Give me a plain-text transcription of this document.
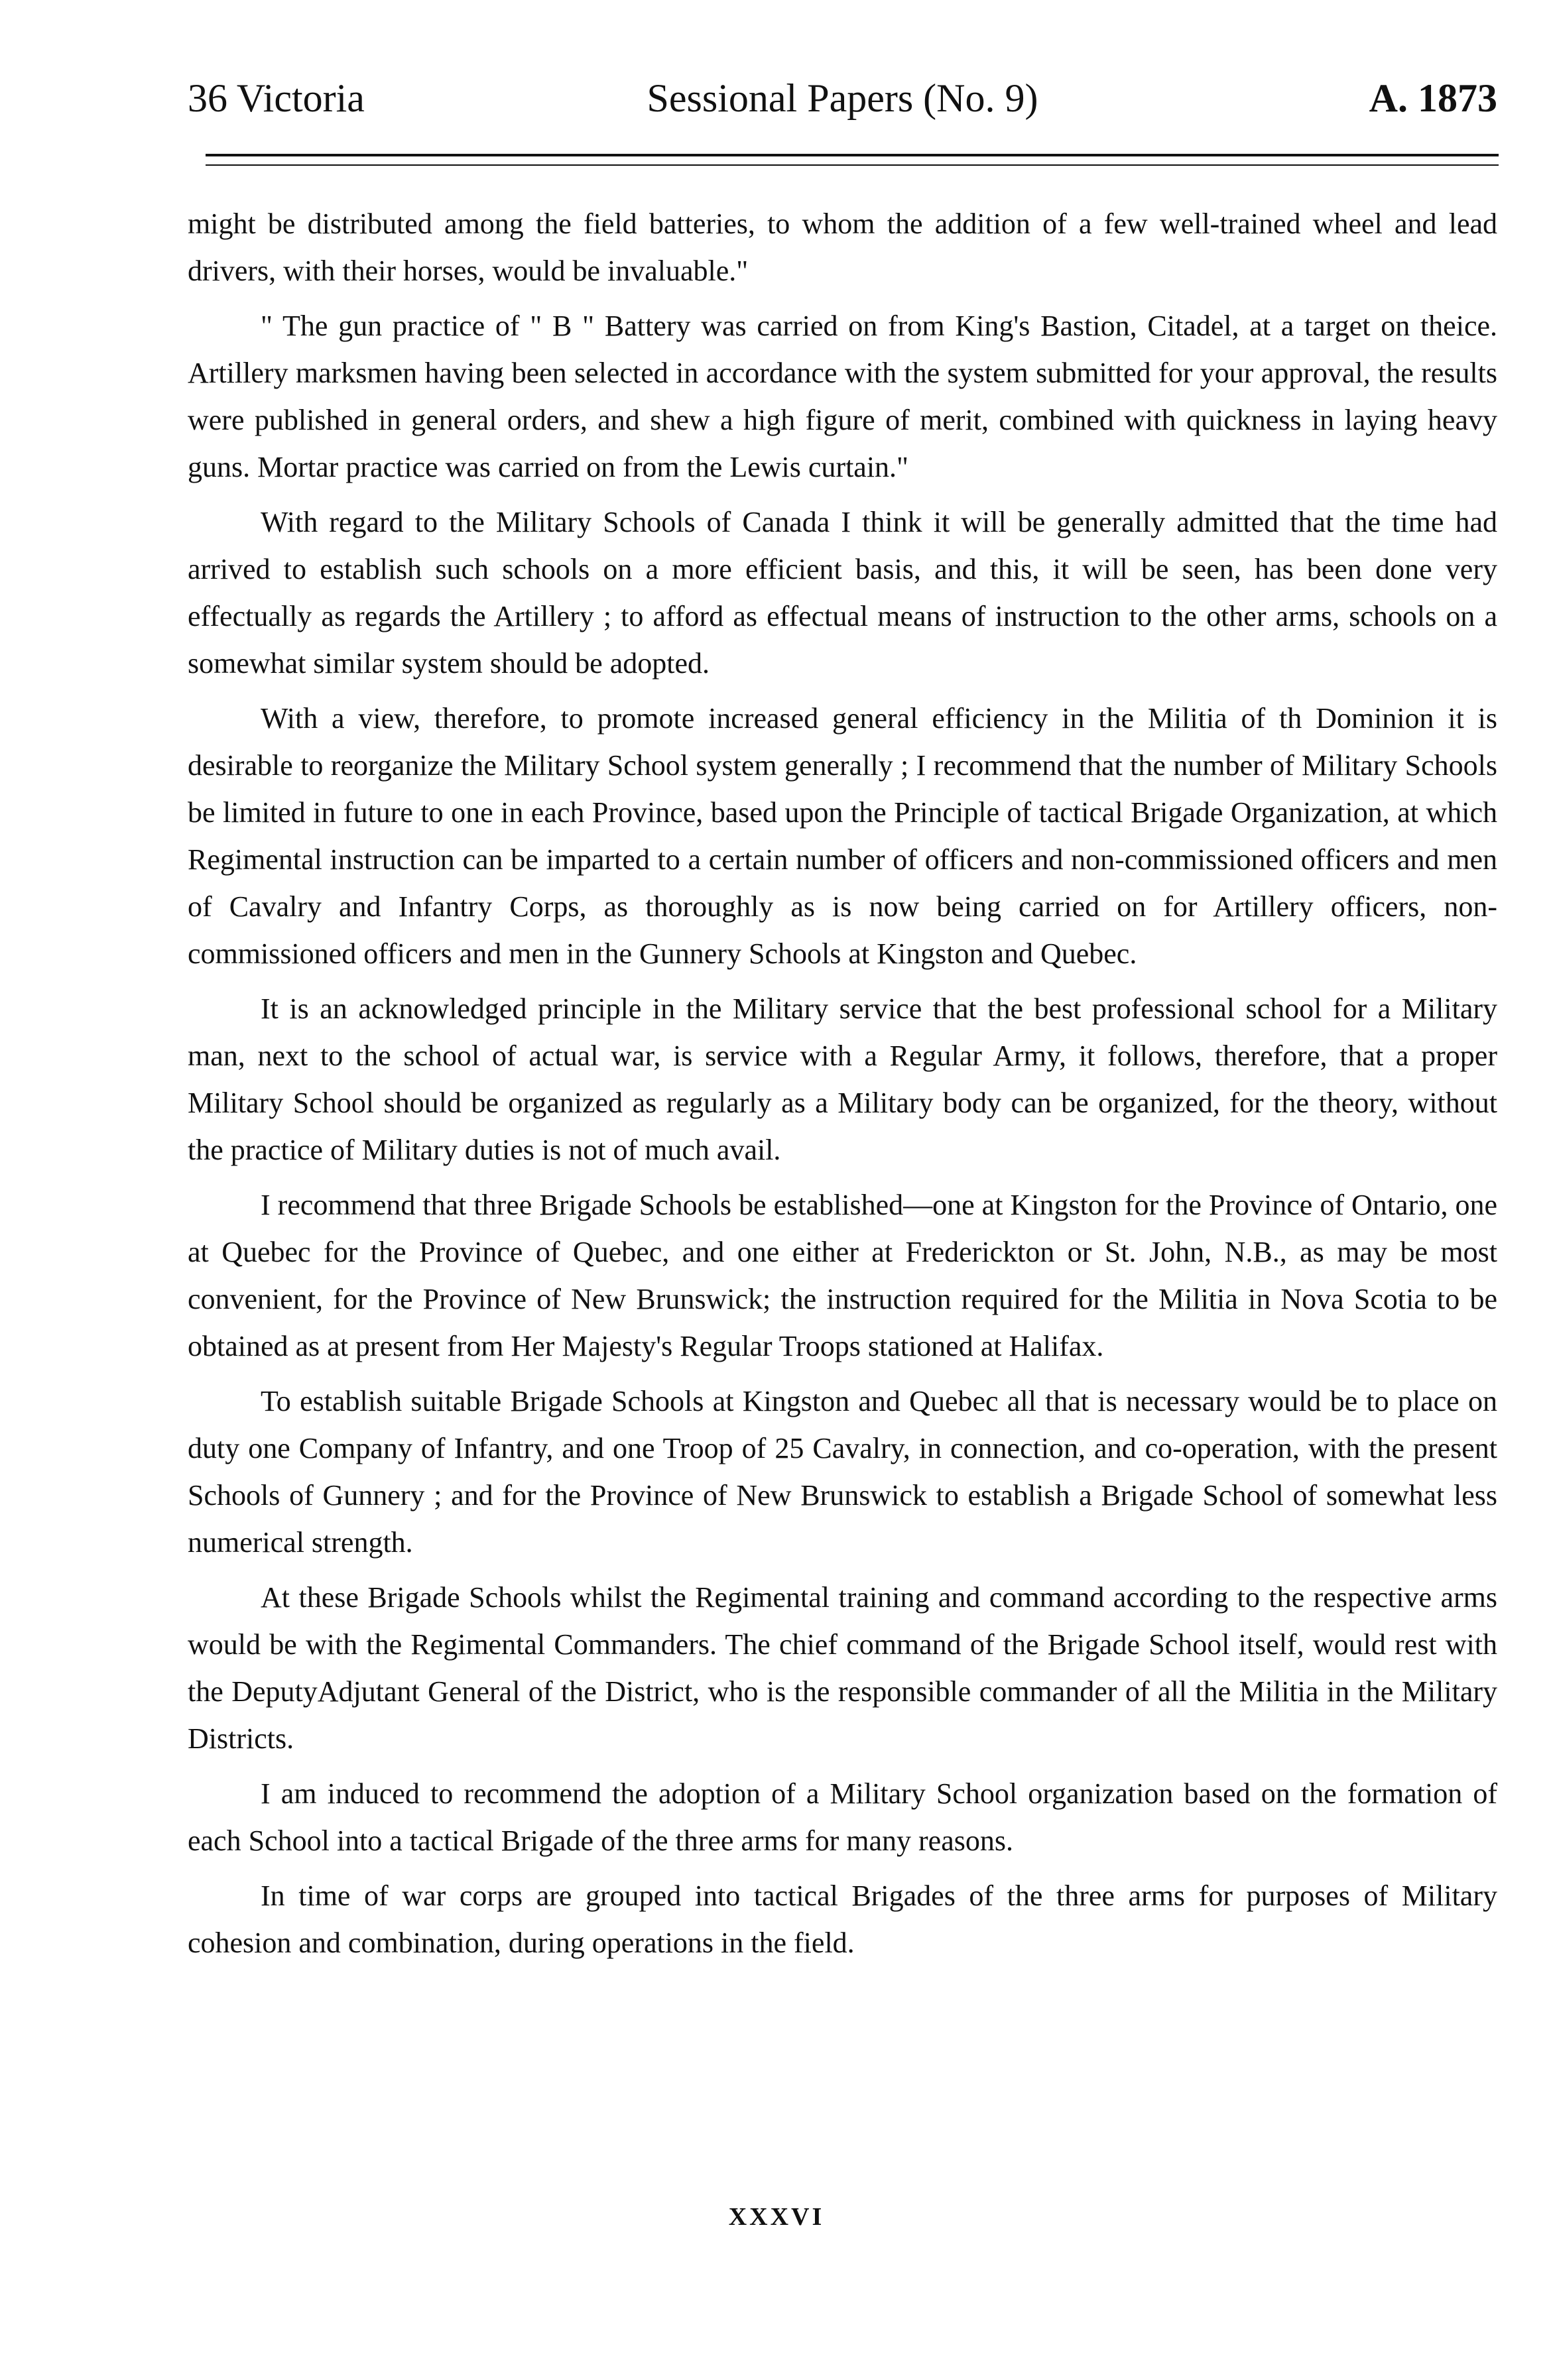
36 Victoria	Sessional Papers (No. 9)	A. 1873

might be distributed among the field batteries, to whom the addition of a few well-trained wheel and lead drivers, with their horses, would be invaluable."

" The gun practice of " B " Battery was carried on from King's Bastion, Citadel, at a target on theice. Artillery marksmen having been selected in accordance with the system submitted for your approval, the results were published in general orders, and shew a high figure of merit, combined with quickness in laying heavy guns. Mortar practice was carried on from the Lewis curtain."

With regard to the Military Schools of Canada I think it will be generally admitted that the time had arrived to establish such schools on a more efficient basis, and this, it will be seen, has been done very effectually as regards the Artillery ; to afford as effectual means of instruction to the other arms, schools on a somewhat similar system should be adopted.

With a view, therefore, to promote increased general efficiency in the Militia of th Dominion it is desirable to reorganize the Military School system generally ; I recommend that the number of Military Schools be limited in future to one in each Province, based upon the Principle of tactical Brigade Organization, at which Regimental instruction can be imparted to a certain number of officers and non-commissioned officers and men of Cavalry and Infantry Corps, as thoroughly as is now being carried on for Artillery officers, non-commissioned officers and men in the Gunnery Schools at Kingston and Quebec.

It is an acknowledged principle in the Military service that the best professional school for a Military man, next to the school of actual war, is service with a Regular Army, it follows, therefore, that a proper Military School should be organized as regularly as a Military body can be organized, for the theory, without the practice of Military duties is not of much avail.

I recommend that three Brigade Schools be established—one at Kingston for the Province of Ontario, one at Quebec for the Province of Quebec, and one either at Frederickton or St. John, N.B., as may be most convenient, for the Province of New Brunswick; the instruction required for the Militia in Nova Scotia to be obtained as at present from Her Majesty's Regular Troops stationed at Halifax.

To establish suitable Brigade Schools at Kingston and Quebec all that is necessary would be to place on duty one Company of Infantry, and one Troop of 25 Cavalry, in connection, and co-operation, with the present Schools of Gunnery ; and for the Province of New Brunswick to establish a Brigade School of somewhat less numerical strength.

At these Brigade Schools whilst the Regimental training and command according to the respective arms would be with the Regimental Commanders. The chief command of the Brigade School itself, would rest with the DeputyAdjutant General of the District, who is the responsible commander of all the Militia in the Military Districts.

I am induced to recommend the adoption of a Military School organization based on the formation of each School into a tactical Brigade of the three arms for many reasons.

In time of war corps are grouped into tactical Brigades of the three arms for purposes of Military cohesion and combination, during operations in the field.

XXXVI
